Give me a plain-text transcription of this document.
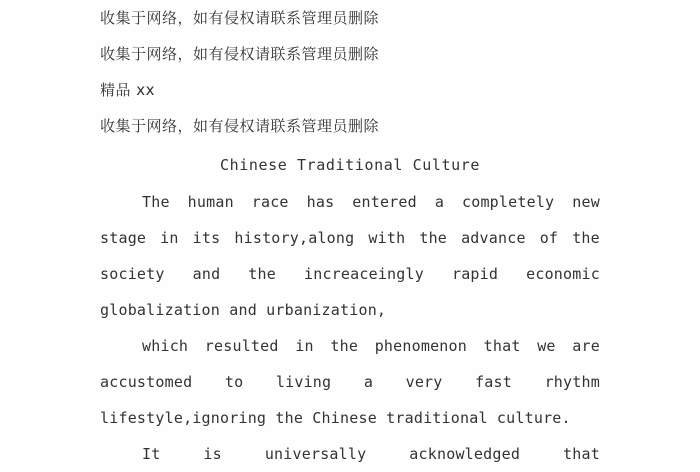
收集于网络，如有侵权请联系管理员删除
收集于网络，如有侵权请联系管理员删除
精品 xx
收集于网络，如有侵权请联系管理员删除
Chinese Traditional Culture
The human race has entered a completely new
stage in its history,along with the advance of the
society and the increaceingly rapid economic
globalization and urbanization,
which resulted in the phenomenon that we are
accustomed to living a very fast rhythm
lifestyle,ignoring the Chinese traditional culture.
It	is	universally	acknowledged	that
